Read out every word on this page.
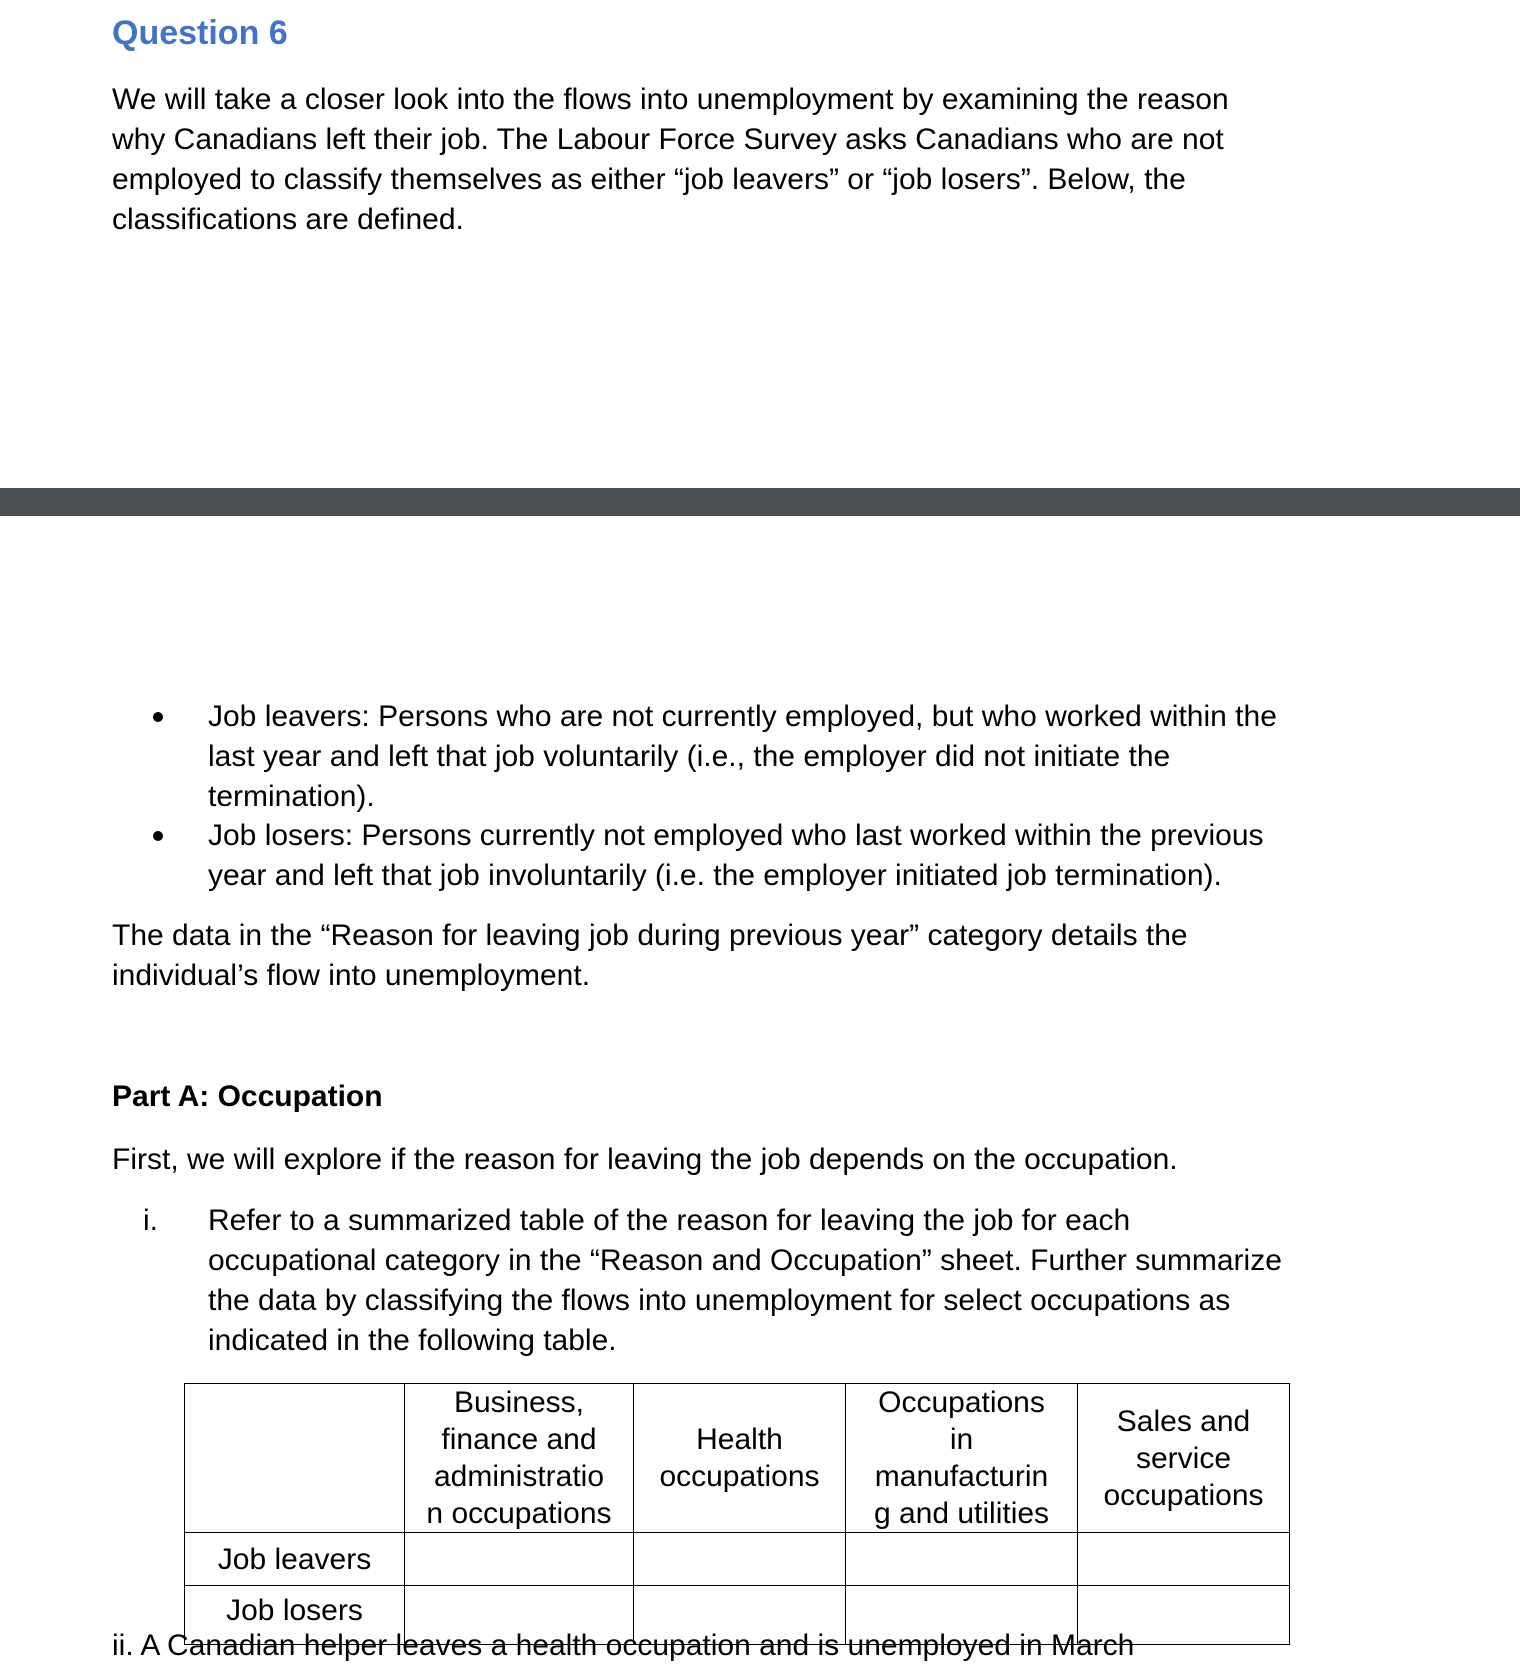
Question 6
We will take a closer look into the flows into unemployment by examining the reason
why Canadians left their job. The Labour Force Survey asks Canadians who are not
employed to classify themselves as either “job leavers” or “job losers”. Below, the
classifications are defined.
Job leavers: Persons who are not currently employed, but who worked within the
last year and left that job voluntarily (i.e., the employer did not initiate the
termination).
Job losers: Persons currently not employed who last worked within the previous
year and left that job involuntarily (i.e. the employer initiated job termination).
The data in the “Reason for leaving job during previous year” category details the
individual’s flow into unemployment.
Part A: Occupation
First, we will explore if the reason for leaving the job depends on the occupation.
i. Refer to a summarized table of the reason for leaving the job for each
occupational category in the “Reason and Occupation” sheet. Further summarize
the data by classifying the flows into unemployment for select occupations as
indicated in the following table.

	Business,
finance and
administratio
n occupations	Health
occupations	Occupations
in
manufacturin
g and utilities	Sales and
service
occupations

Job leavers				
Job losers				
ii. A Canadian helper leaves a health occupation and is unemployed in March
